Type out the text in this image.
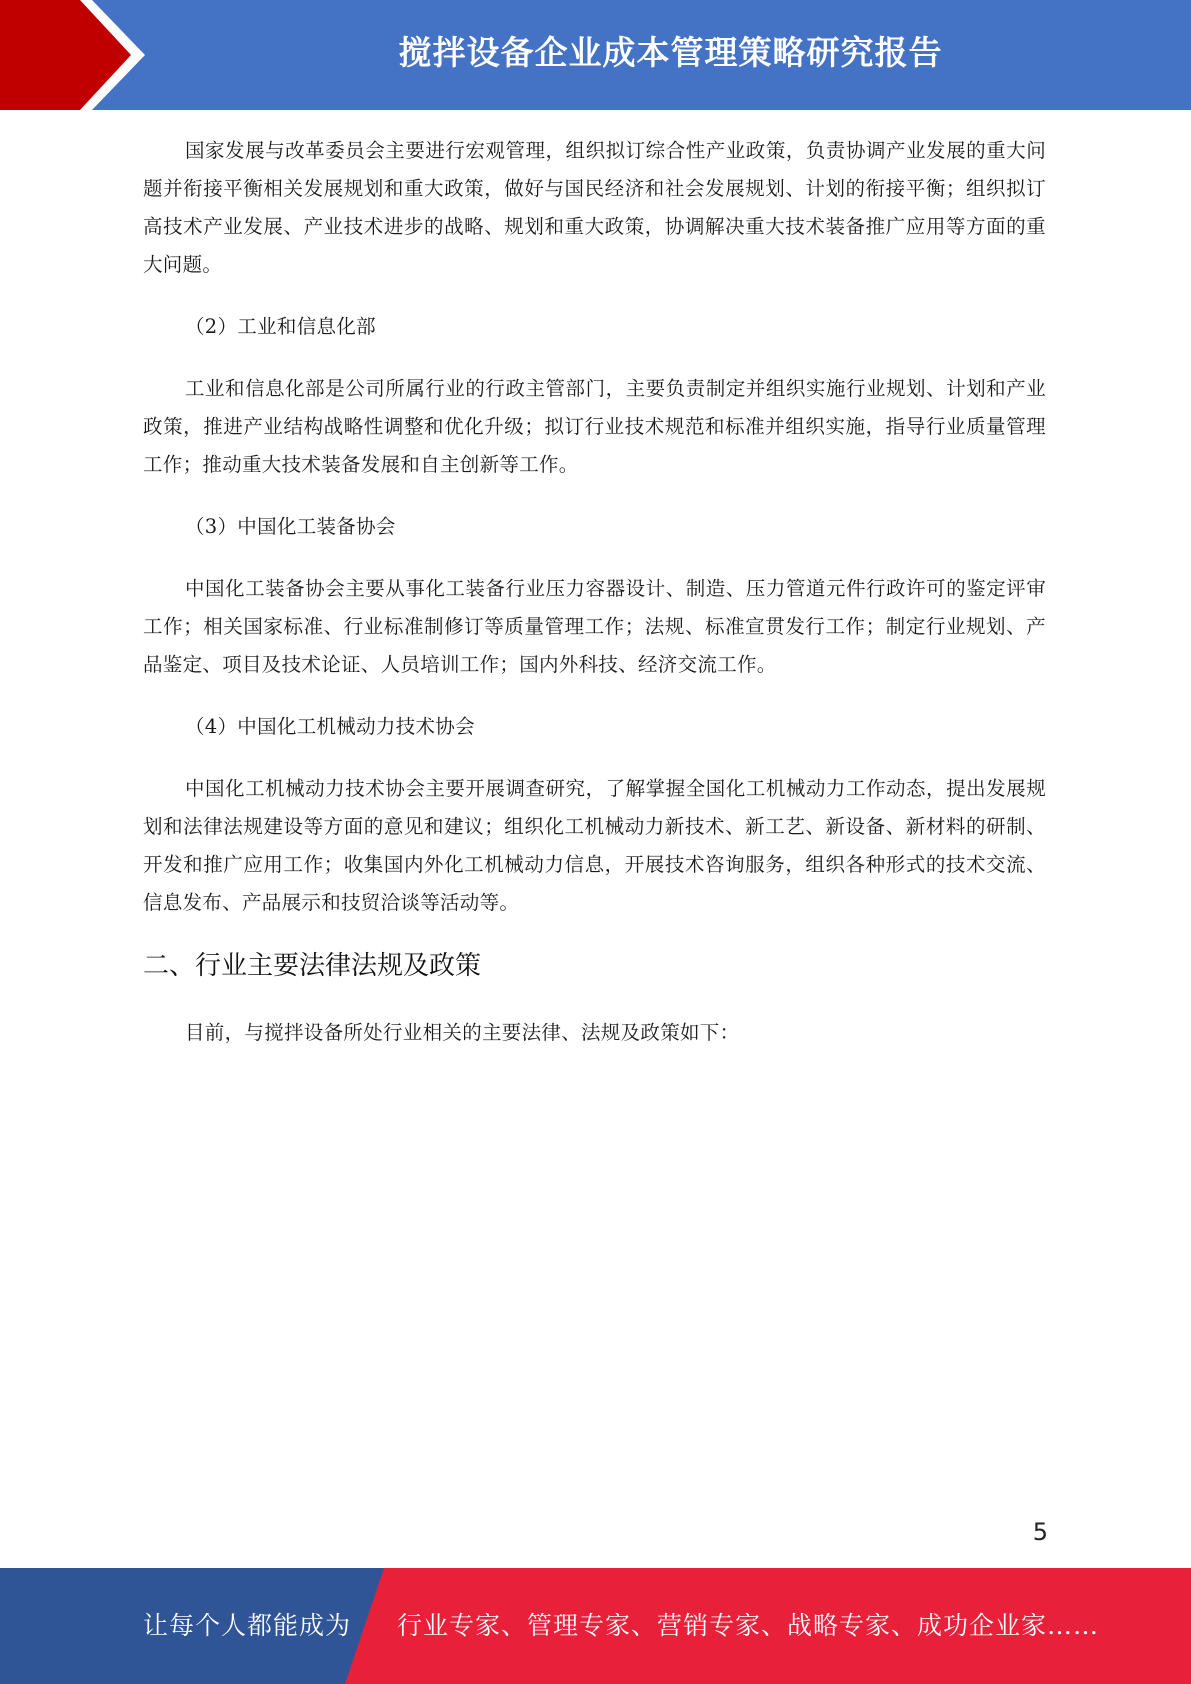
搅拌设备企业成本管理策略研究报告

国家发展与改革委员会主要进行宏观管理，组织拟订综合性产业政策，负责协调产业发展的重大问题并衔接平衡相关发展规划和重大政策，做好与国民经济和社会发展规划、计划的衔接平衡；组织拟订高技术产业发展、产业技术进步的战略、规划和重大政策，协调解决重大技术装备推广应用等方面的重大问题。

（2）工业和信息化部

工业和信息化部是公司所属行业的行政主管部门，主要负责制定并组织实施行业规划、计划和产业政策，推进产业结构战略性调整和优化升级；拟订行业技术规范和标准并组织实施，指导行业质量管理工作；推动重大技术装备发展和自主创新等工作。

（3）中国化工装备协会

中国化工装备协会主要从事化工装备行业压力容器设计、制造、压力管道元件行政许可的鉴定评审工作；相关国家标准、行业标准制修订等质量管理工作；法规、标准宣贯发行工作；制定行业规划、产品鉴定、项目及技术论证、人员培训工作；国内外科技、经济交流工作。

（4）中国化工机械动力技术协会

中国化工机械动力技术协会主要开展调查研究，了解掌握全国化工机械动力工作动态，提出发展规划和法律法规建设等方面的意见和建议；组织化工机械动力新技术、新工艺、新设备、新材料的研制、开发和推广应用工作；收集国内外化工机械动力信息，开展技术咨询服务，组织各种形式的技术交流、信息发布、产品展示和技贸洽谈等活动等。

二、行业主要法律法规及政策

目前，与搅拌设备所处行业相关的主要法律、法规及政策如下：

5
让每个人都能成为 行业专家、管理专家、营销专家、战略专家、成功企业家……
